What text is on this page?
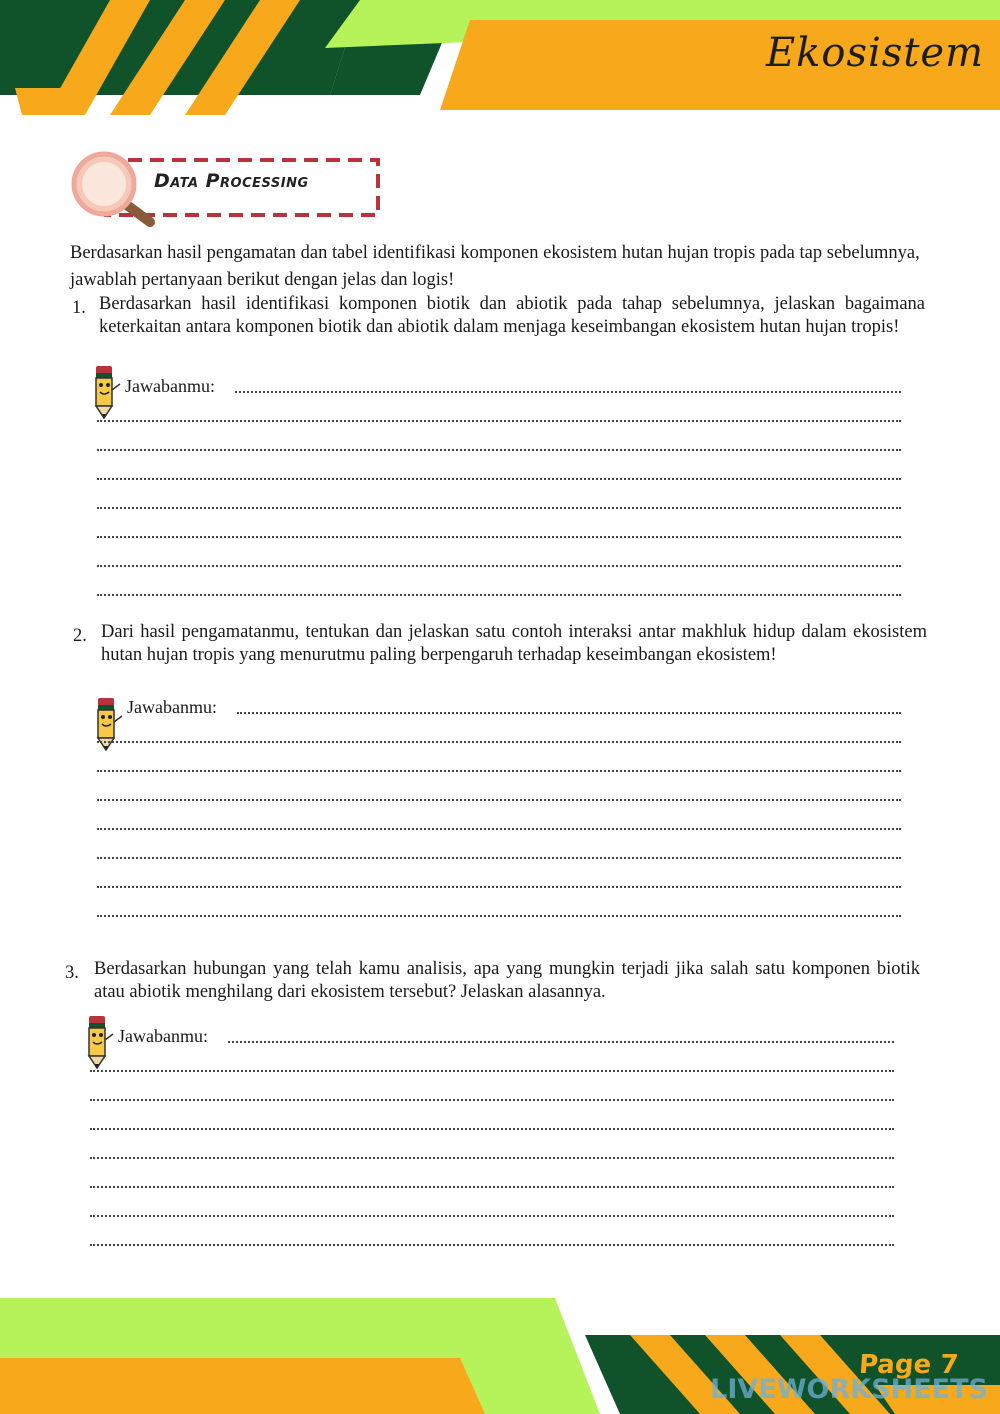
Ekosistem
Data Processing

Berdasarkan hasil pengamatan dan tabel identifikasi komponen ekosistem hutan hujan tropis pada tap sebelumnya, jawablah pertanyaan berikut dengan jelas dan logis!

1. Berdasarkan hasil identifikasi komponen biotik dan abiotik pada tahap sebelumnya, jelaskan bagaimana keterkaitan antara komponen biotik dan abiotik dalam menjaga keseimbangan ekosistem hutan hujan tropis!

Jawabanmu:
2. Dari hasil pengamatanmu, tentukan dan jelaskan satu contoh interaksi antar makhluk hidup dalam ekosistem hutan hujan tropis yang menurutmu paling berpengaruh terhadap keseimbangan ekosistem!

Jawabanmu:
3. Berdasarkan hubungan yang telah kamu analisis, apa yang mungkin terjadi jika salah satu komponen biotik atau abiotik menghilang dari ekosistem tersebut? Jelaskan alasannya.

Jawabanmu:
Page 7
LIVEWORKSHEETS
